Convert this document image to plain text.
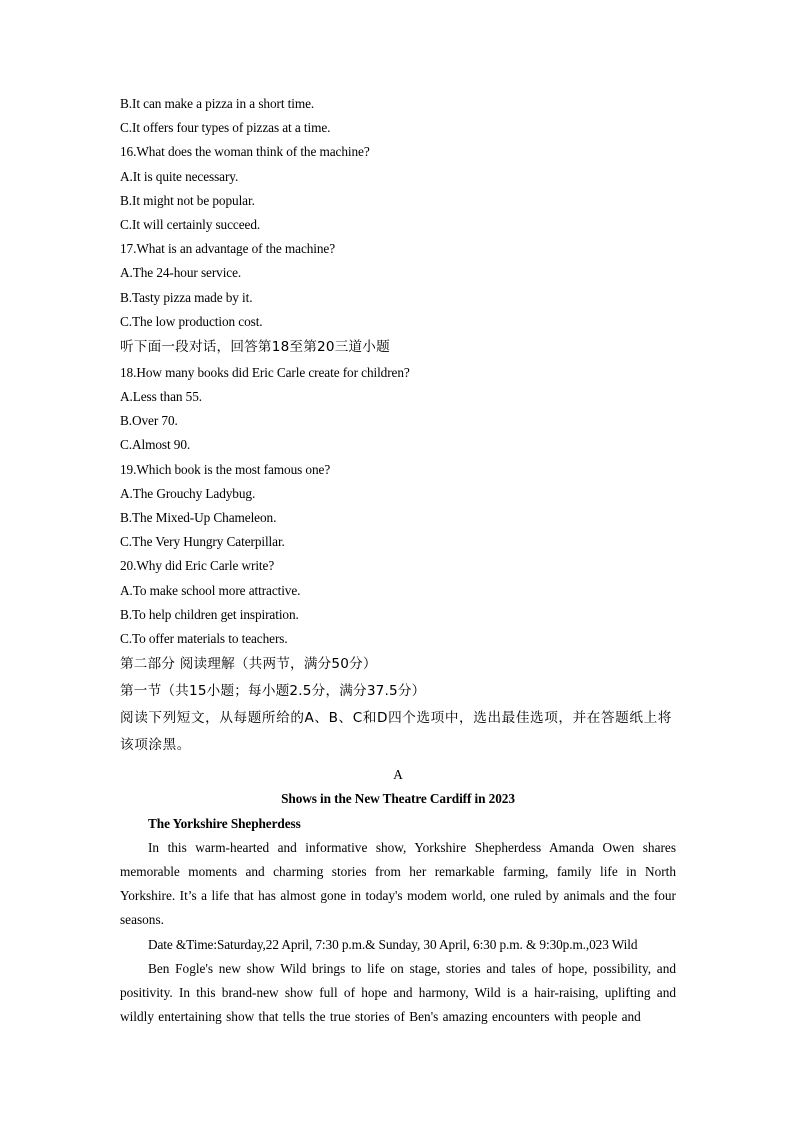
B.It can make a pizza in a short time.
C.It offers four types of pizzas at a time.
16.What does the woman think of the machine?
A.It is quite necessary.
B.It might not be popular.
C.It will certainly succeed.
17.What is an advantage of the machine?
A.The 24-hour service.
B.Tasty pizza made by it.
C.The low production cost.
听下面一段对话，回答第18至第20三道小题
18.How many books did Eric Carle create for children?
A.Less than 55.
B.Over 70.
C.Almost 90.
19.Which book is the most famous one?
A.The Grouchy Ladybug.
B.The Mixed-Up Chameleon.
C.The Very Hungry Caterpillar.
20.Why did Eric Carle write?
A.To make school more attractive.
B.To help children get inspiration.
C.To offer materials to teachers.
第二部分 阅读理解（共两节，满分50分）
第一节（共15小题；每小题2.5分，满分37.5分）
阅读下列短文，从每题所给的A、B、C和D四个选项中，选出最佳选项，并在答题纸上将该项涂黑。
A
Shows in the New Theatre Cardiff in 2023
The Yorkshire Shepherdess
In this warm-hearted and informative show, Yorkshire Shepherdess Amanda Owen shares memorable moments and charming stories from her remarkable farming, family life in North Yorkshire. It’s a life that has almost gone in today's modem world, one ruled by animals and the four seasons.
Date &Time:Saturday,22 April, 7:30 p.m.& Sunday, 30 April, 6:30 p.m. & 9:30p.m.,023 Wild
Ben Fogle's new show Wild brings to life on stage, stories and tales of hope, possibility, and positivity. In this brand-new show full of hope and harmony, Wild is a hair-raising, uplifting and wildly entertaining show that tells the true stories of Ben's amazing encounters with people and
